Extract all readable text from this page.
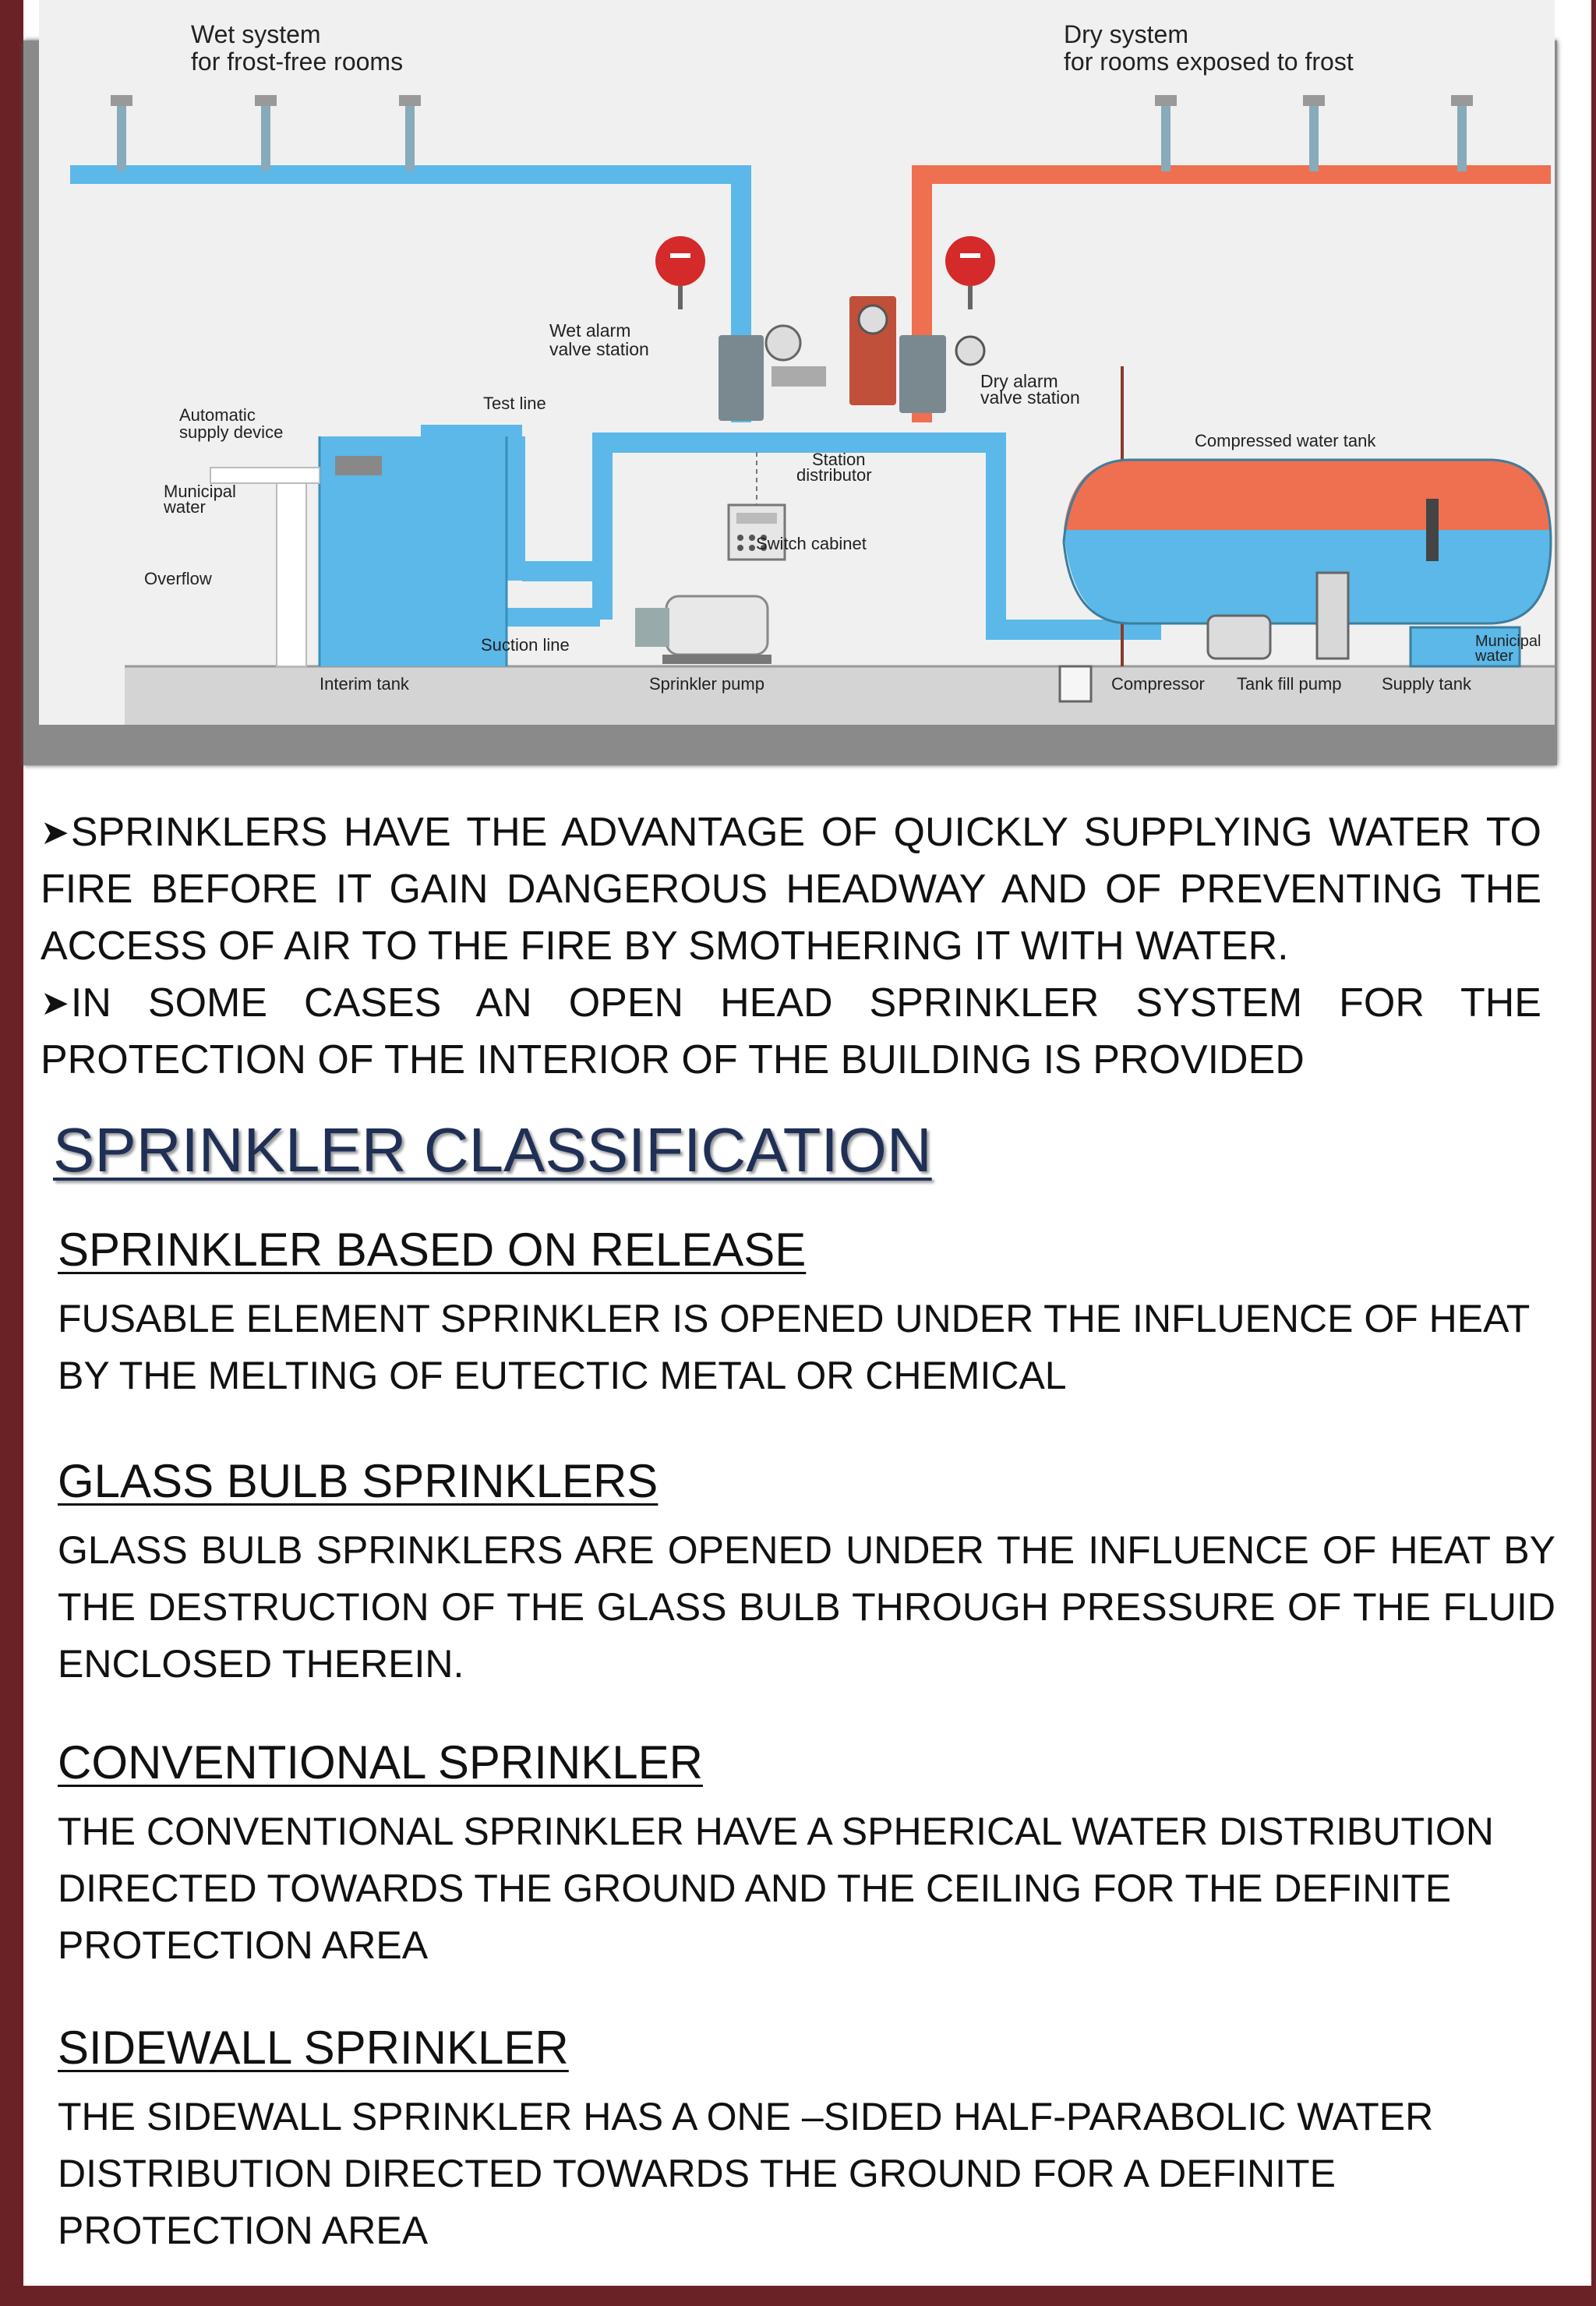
Wet system
for frost-free rooms
Dry system
for rooms exposed to frost
Wet alarm
valve station
Dry alarm
valve station
Test line
Automatic
supply device
Municipal
water
Overflow
Station
distributor
Switch cabinet
Compressed water tank
Suction line
Interim tank	Sprinkler pump	Compressor Tank fill pump Supply tank
Municipal
water
➤SPRINKLERS HAVE THE ADVANTAGE OF QUICKLY SUPPLYING WATER TO FIRE BEFORE IT GAIN DANGEROUS HEADWAY AND OF PREVENTING THE ACCESS OF AIR TO THE FIRE BY SMOTHERING IT WITH WATER.
➤IN SOME CASES AN OPEN HEAD SPRINKLER SYSTEM FOR THE PROTECTION OF THE INTERIOR OF THE BUILDING IS PROVIDED
SPRINKLER CLASSIFICATION
SPRINKLER BASED ON RELEASE
FUSABLE ELEMENT SPRINKLER IS OPENED UNDER THE INFLUENCE OF HEAT BY THE MELTING OF EUTECTIC METAL OR CHEMICAL
GLASS BULB SPRINKLERS
GLASS BULB SPRINKLERS ARE OPENED UNDER THE INFLUENCE OF HEAT BY THE DESTRUCTION OF THE GLASS BULB THROUGH PRESSURE OF THE FLUID ENCLOSED THEREIN.
CONVENTIONAL SPRINKLER
THE CONVENTIONAL SPRINKLER HAVE A SPHERICAL WATER DISTRIBUTION DIRECTED TOWARDS THE GROUND AND THE CEILING FOR THE DEFINITE PROTECTION AREA
SIDEWALL SPRINKLER
THE SIDEWALL SPRINKLER HAS A ONE –SIDED HALF-PARABOLIC WATER DISTRIBUTION DIRECTED TOWARDS THE GROUND FOR A DEFINITE PROTECTION AREA
